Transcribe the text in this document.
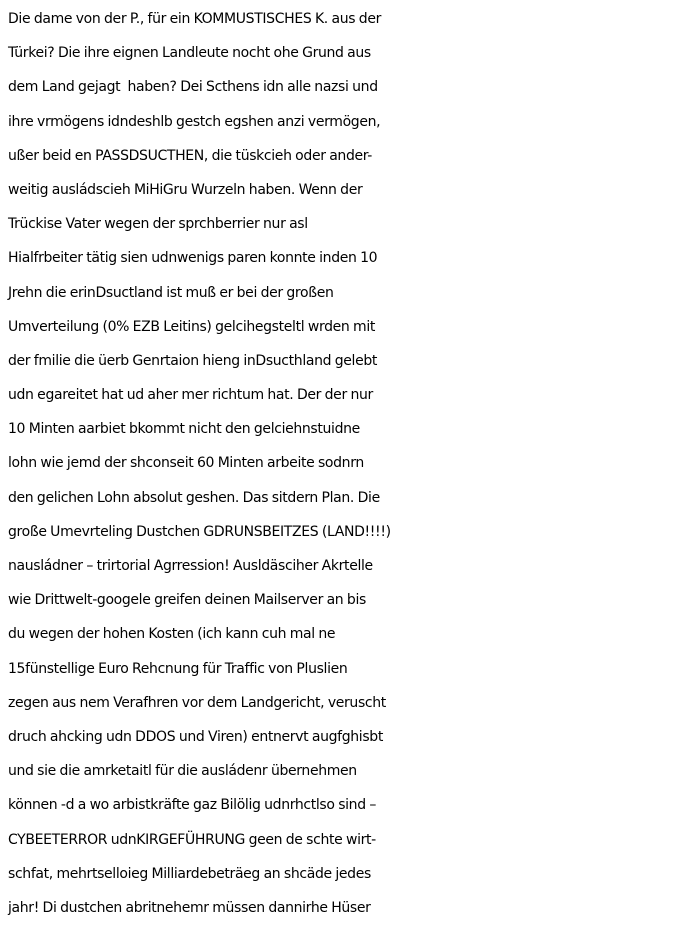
Die dame von der P., für ein KOMMUSTISCHES K. aus der
Türkei? Die ihre eignen Landleute nocht ohe Grund aus
dem Land gejagt  haben? Dei Scthens idn alle nazsi und
ihre vrmögens idndeshlb gestch egshen anzi vermögen,
ußer beid en PASSDSUCTHEN, die tüskcieh oder ander-
weitig ausládscieh MiHiGru Wurzeln haben. Wenn der
Trückise Vater wegen der sprchberrier nur asl
Hialfrbeiter tätig sien udnwenigs paren konnte inden 10
Jrehn die erinDsuctland ist muß er bei der großen
Umverteilung (0% EZB Leitins) gelcihegsteltl wrden mit
der fmilie die üerb Genrtaion hieng inDsucthland gelebt
udn egareitet hat ud aher mer richtum hat. Der der nur
10 Minten aarbiet bkommt nicht den gelciehnstuidne
lohn wie jemd der shconseit 60 Minten arbeite sodnrn
den gelichen Lohn absolut geshen. Das sitdern Plan. Die
große Umevrteling Dustchen GDRUNSBEITZES (LAND!!!!)
nausládner – trirtorial Agrression! Ausldäsciher Akrtelle
wie Drittwelt-googele greifen deinen Mailserver an bis
du wegen der hohen Kosten (ich kann cuh mal ne
15fünstellige Euro Rehcnung für Traffic von Pluslien
zegen aus nem Verafhren vor dem Landgericht, veruscht
druch ahcking udn DDOS und Viren) entnervt augfghisbt
und sie die amrketaitl für die ausládenr übernehmen
können -d a wo arbistkräfte gaz Bilölig udnrhctlso sind –
CYBEETERROR udnKIRGEFÜHRUNG geen de schte wirt-
schfat, mehrtselloieg Milliardebeträeg an shcäde jedes
jahr! Di dustchen abritnehemr müssen dannirhe Hüser
